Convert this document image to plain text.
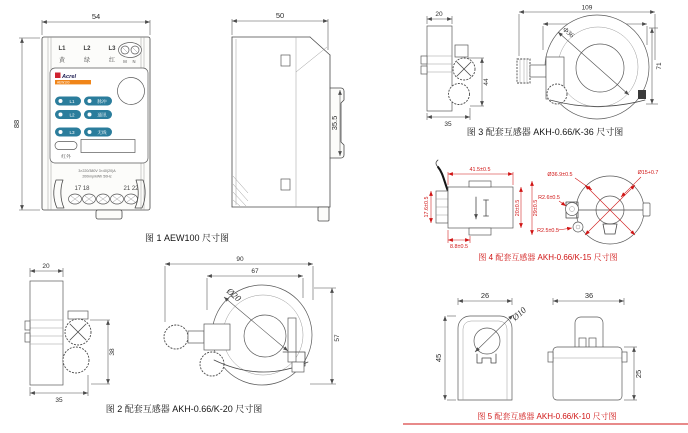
54
88
L1	L2	L3
黄	绿	红 M N
Acrel
AEW100
L1	脉冲
L2	通讯
L3	无线
红外
3×220/380V 3×40(20)A
200imp/kWh 50Hz
17 18	21 22
图 1 AEW100 尺寸图
50
35.5
20
44
35
109
71
Φ36
图 3 配套互感器 AKH-0.66/K-36 尺寸图
41.5±0.5
17.6±0.5	20±0.5 29±0.5
8.8±0.5
Ø36.9±0.5	Ø15+0.7
R2.6±0.5
R2.5±0.5
图 4 配套互感器 AKH-0.66/K-15 尺寸图
20
38
35
90
67
Ø20
57
图 2 配套互感器 AKH-0.66/K-20 尺寸图
26
45
Ø10
36
25
图 5 配套互感器 AKH-0.66/K-10 尺寸图
